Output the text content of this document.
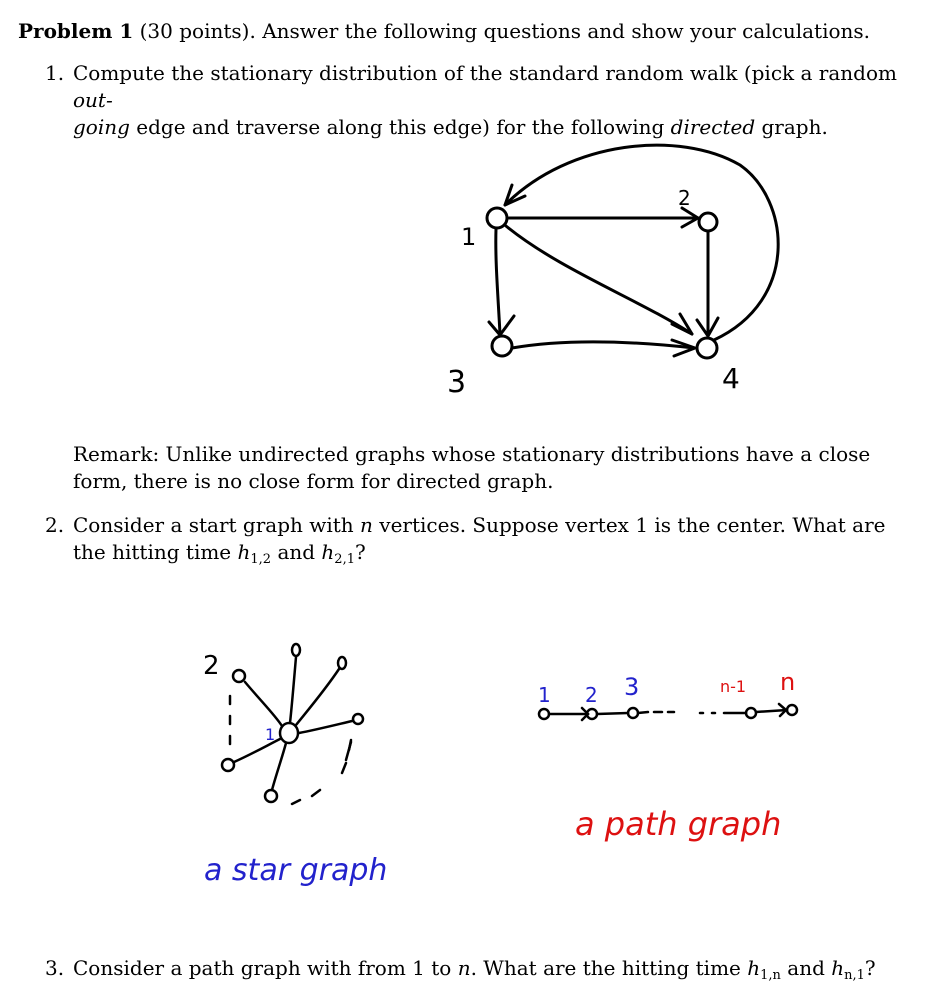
Problem 1 (30 points). Answer the following questions and show your calculations.

1. Compute the stationary distribution of the standard random walk (pick a random out-
going edge and traverse along this edge) for the following directed graph.

1
2
3	4

Remark: Unlike undirected graphs whose stationary distributions have a close form, there is no close form for directed graph.

2. Consider a start graph with n vertices. Suppose vertex 1 is the center. What are the hitting time $h_{1,2}$ and $h_{2,1}$?

2
1
a star graph
1 2 3	n-1 n
a path graph
3. Consider a path graph with from 1 to n. What are the hitting time $h_{1,n}$ and $h_{n,1}$?
